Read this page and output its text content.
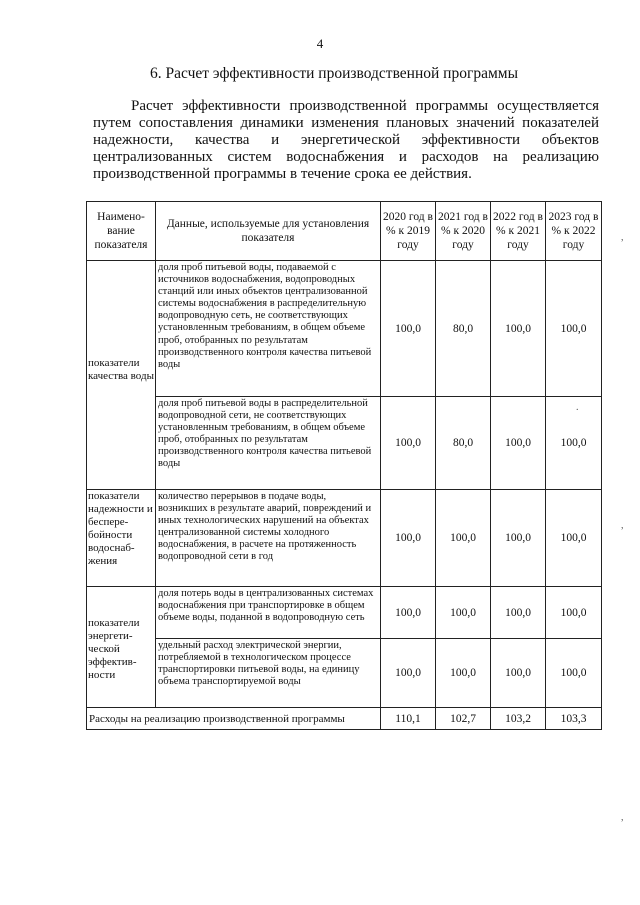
4
6. Расчет эффективности производственной программы
Расчет эффективности производственной программы осуществляется путем сопоставления динамики изменения плановых значений показателей надежности, качества и энергетической эффективности объектов централизованных систем водоснабжения и расходов на реализацию производственной программы в течение срока ее действия.
Наимено-вание показателя	Данные, используемые для установления показателя	2020 год в % к 2019 году	2021 год в % к 2020 году	2022 год в % к 2021 году	2023 год в % к 2022 году
показатели качества воды	доля проб питьевой воды, подаваемой с источников водоснабжения, водопроводных станций или иных объектов централизованной системы водоснабжения в распределительную водопроводную сеть, не соответствующих установленным требованиям, в общем объеме проб, отобранных по результатам производственного контроля качества питьевой воды	100,0	80,0	100,0	100,0
	доля проб питьевой воды в распределительной водопроводной сети, не соответствующих установленным требованиям, в общем объеме проб, отобранных по результатам производственного контроля качества питьевой воды	100,0	80,0	100,0	100,0
показатели надежности и беспере-бойности водоснаб-жения	количество перерывов в подаче воды, возникших в результате аварий, повреждений и иных технологических нарушений на объектах централизованной системы холодного водоснабжения, в расчете на протяженность водопроводной сети в год	100,0	100,0	100,0	100,0
показатели энергети-ческой эффектив-ности	доля потерь воды в централизованных системах водоснабжения при транспортировке в общем объеме воды, поданной в водопроводную сеть	100,0	100,0	100,0	100,0
	удельный расход электрической энергии, потребляемой в технологическом процессе транспортировки питьевой воды, на единицу объема транспортируемой воды	100,0	100,0	100,0	100,0
Расходы на реализацию производственной программы		110,1	102,7	103,2	103,3
,
,
,
.
